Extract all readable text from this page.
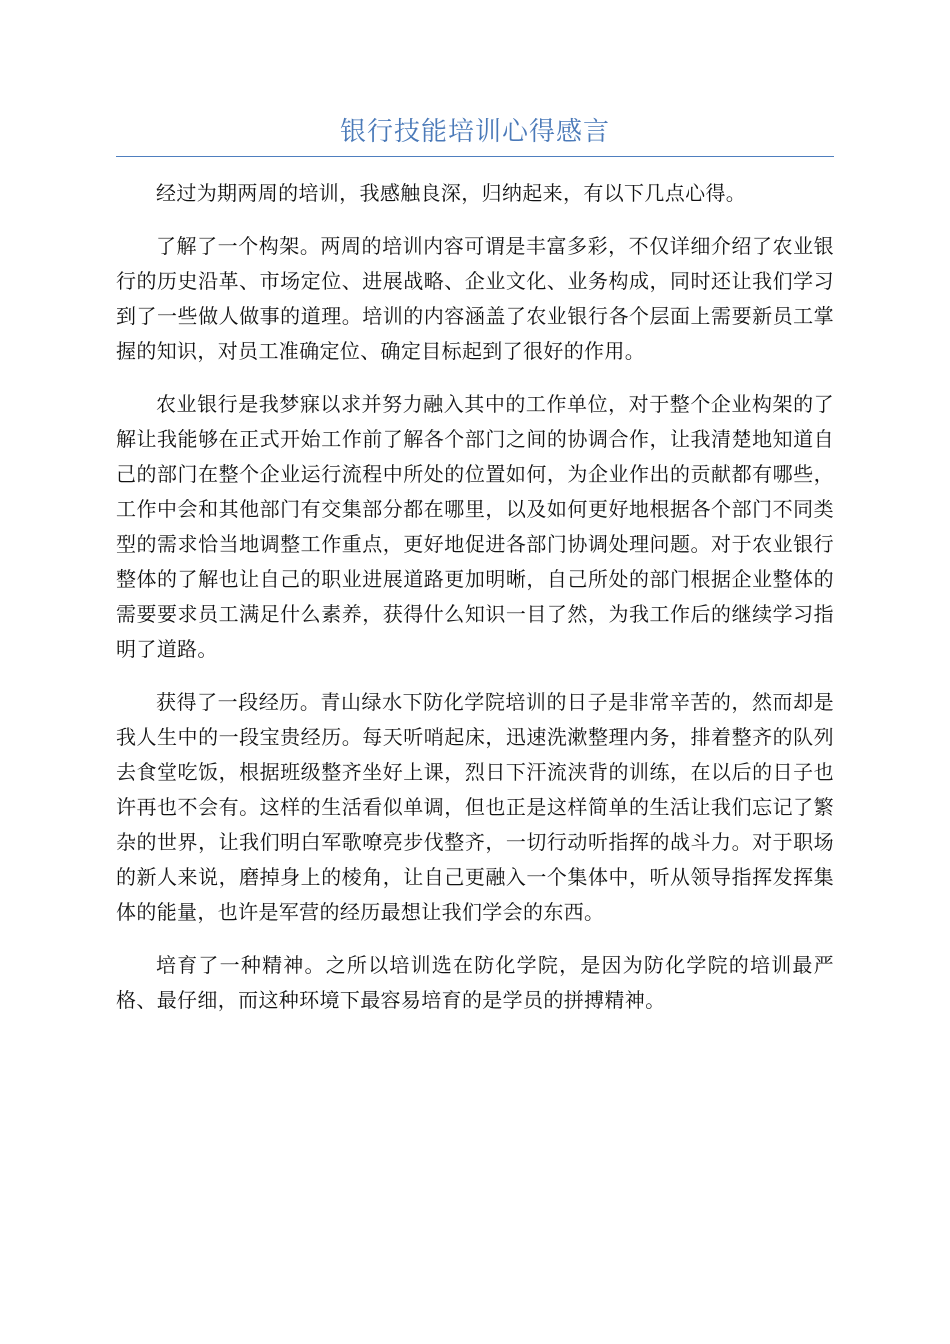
银行技能培训心得感言

经过为期两周的培训，我感触良深，归纳起来，有以下几点心得。

了解了一个构架。两周的培训内容可谓是丰富多彩，不仅详细介绍了农业银行的历史沿革、市场定位、进展战略、企业文化、业务构成，同时还让我们学习到了一些做人做事的道理。培训的内容涵盖了农业银行各个层面上需要新员工掌握的知识，对员工准确定位、确定目标起到了很好的作用。

农业银行是我梦寐以求并努力融入其中的工作单位，对于整个企业构架的了解让我能够在正式开始工作前了解各个部门之间的协调合作，让我清楚地知道自己的部门在整个企业运行流程中所处的位置如何，为企业作出的贡献都有哪些，工作中会和其他部门有交集部分都在哪里，以及如何更好地根据各个部门不同类型的需求恰当地调整工作重点，更好地促进各部门协调处理问题。对于农业银行整体的了解也让自己的职业进展道路更加明晰，自己所处的部门根据企业整体的需要要求员工满足什么素养，获得什么知识一目了然，为我工作后的继续学习指明了道路。

获得了一段经历。青山绿水下防化学院培训的日子是非常辛苦的，然而却是我人生中的一段宝贵经历。每天听哨起床，迅速洗漱整理内务，排着整齐的队列去食堂吃饭，根据班级整齐坐好上课，烈日下汗流浃背的训练，在以后的日子也许再也不会有。这样的生活看似单调，但也正是这样简单的生活让我们忘记了繁杂的世界，让我们明白军歌嘹亮步伐整齐，一切行动听指挥的战斗力。对于职场的新人来说，磨掉身上的棱角，让自己更融入一个集体中，听从领导指挥发挥集体的能量，也许是军营的经历最想让我们学会的东西。

培育了一种精神。之所以培训选在防化学院，是因为防化学院的培训最严格、最仔细，而这种环境下最容易培育的是学员的拼搏精神。
